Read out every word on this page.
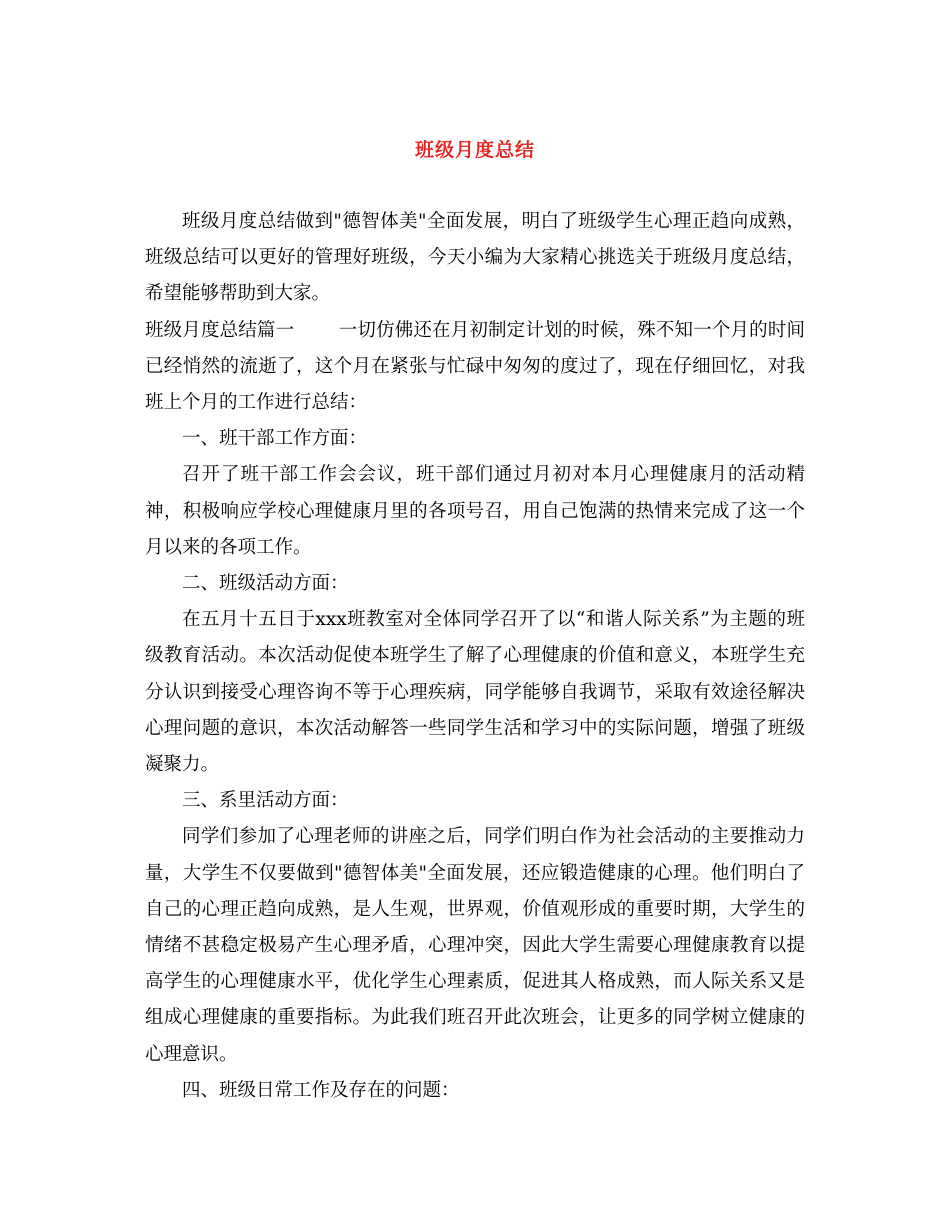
班级月度总结

班级月度总结做到"德智体美"全面发展，明白了班级学生心理正趋向成熟，班级总结可以更好的管理好班级，今天小编为大家精心挑选关于班级月度总结，希望能够帮助到大家。

班级月度总结篇一 一切仿佛还在月初制定计划的时候，殊不知一个月的时间已经悄然的流逝了，这个月在紧张与忙碌中匆匆的度过了，现在仔细回忆，对我班上个月的工作进行总结：

一、班干部工作方面：

召开了班干部工作会会议，班干部们通过月初对本月心理健康月的活动精神，积极响应学校心理健康月里的各项号召，用自己饱满的热情来完成了这一个月以来的各项工作。

二、班级活动方面：

在五月十五日于xxx班教室对全体同学召开了以“和谐人际关系”为主题的班级教育活动。本次活动促使本班学生了解了心理健康的价值和意义，本班学生充分认识到接受心理咨询不等于心理疾病，同学能够自我调节，采取有效途径解决心理问题的意识，本次活动解答一些同学生活和学习中的实际问题，增强了班级凝聚力。

三、系里活动方面：

同学们参加了心理老师的讲座之后，同学们明白作为社会活动的主要推动力量，大学生不仅要做到"德智体美"全面发展，还应锻造健康的心理。他们明白了自己的心理正趋向成熟，是人生观，世界观，价值观形成的重要时期，大学生的情绪不甚稳定极易产生心理矛盾，心理冲突，因此大学生需要心理健康教育以提高学生的心理健康水平，优化学生心理素质，促进其人格成熟，而人际关系又是组成心理健康的重要指标。为此我们班召开此次班会，让更多的同学树立健康的心理意识。

四、班级日常工作及存在的问题：
